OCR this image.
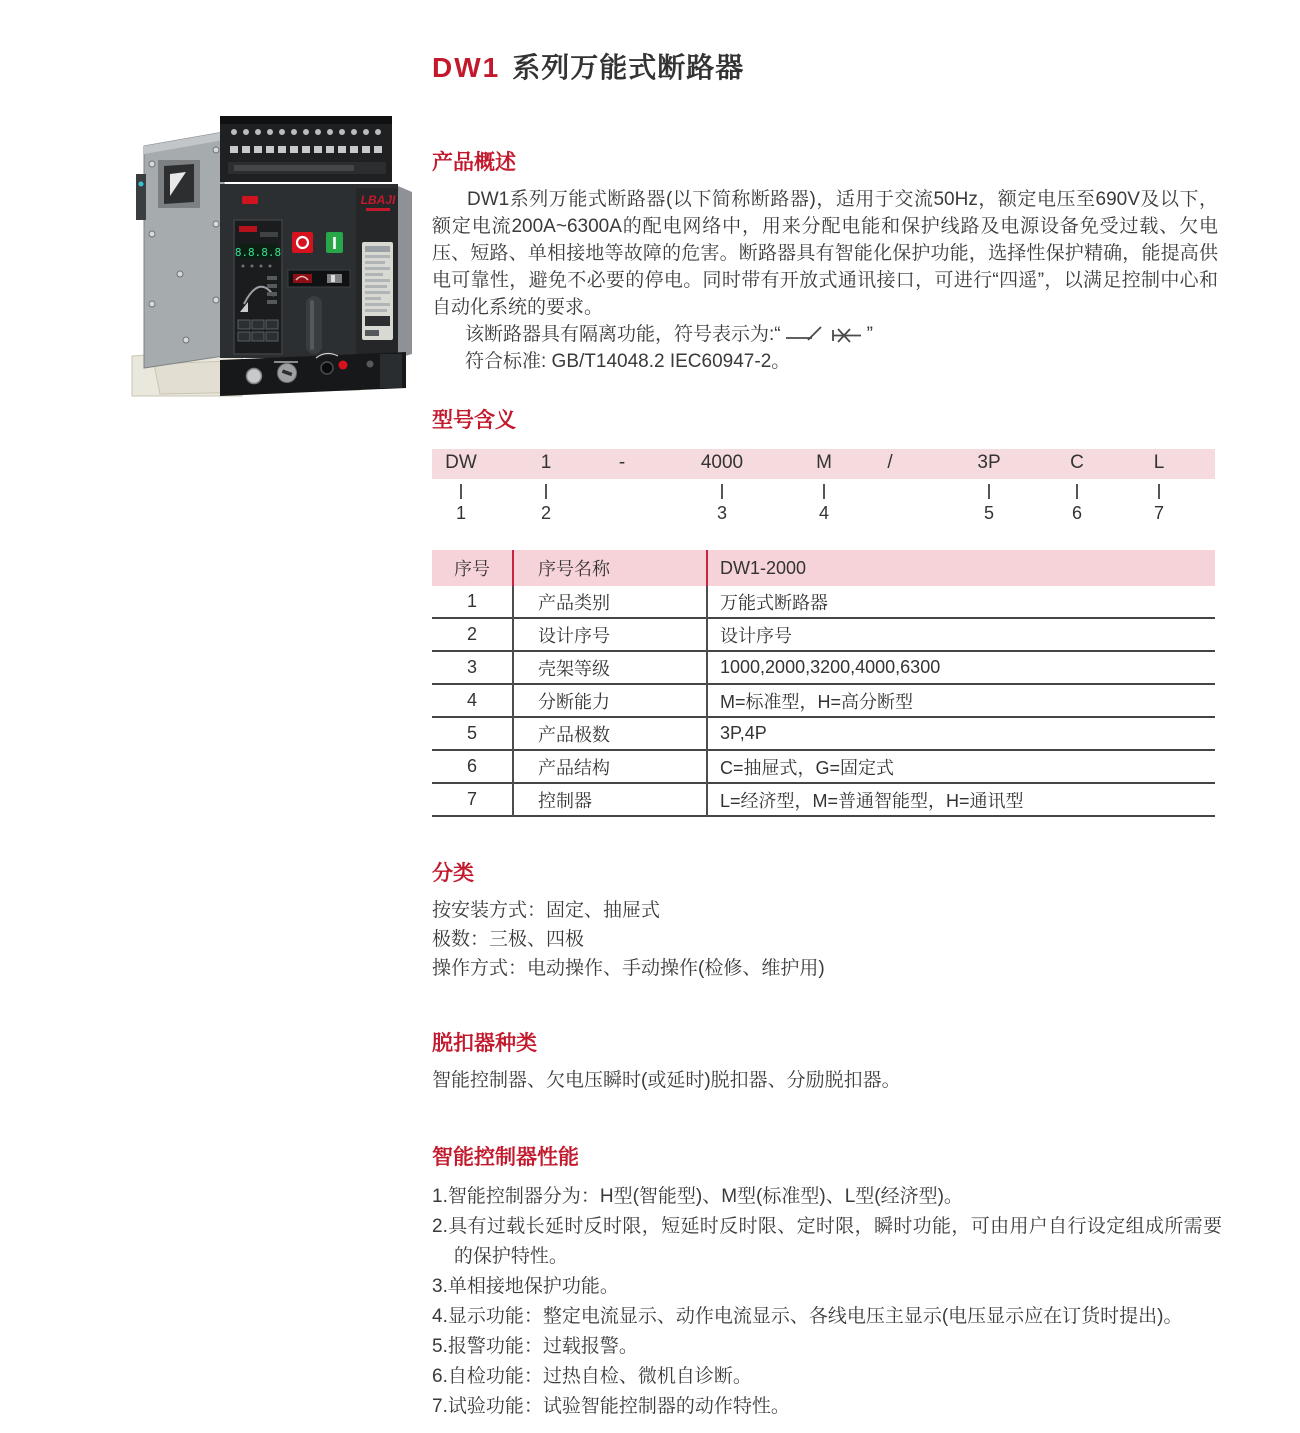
8.8.8.8
LBAJI
DW1 系列万能式断路器
产品概述

DW1系列万能式断路器(以下简称断路器)，适用于交流50Hz，额定电压至690V及以下，额定电流200A~6300A的配电网络中，用来分配电能和保护线路及电源设备免受过载、欠电压、短路、单相接地等故障的危害。断路器具有智能化保护功能，选择性保护精确，能提高供电可靠性，避免不必要的停电。同时带有开放式通讯接口，可进行“四遥”，以满足控制中心和自动化系统的要求。

该断路器具有隔离功能，符号表示为:“	”
符合标准: GB/T14048.2 IEC60947-2。
型号含义
DW	1	-	4000	M	/	3P	C	L
1	2	3	4	5	6	7
序号	序号名称	DW1-2000
1	产品类别	万能式断路器
2	设计序号	设计序号
3	壳架等级	1000,2000,3200,4000,6300
4	分断能力	M=标准型，H=高分断型
5	产品极数	3P,4P
6	产品结构	C=抽屉式，G=固定式
7	控制器	L=经济型，M=普通智能型，H=通讯型
分类
按安装方式：固定、抽屉式
极数：三极、四极
操作方式：电动操作、手动操作(检修、维护用)
脱扣器种类

智能控制器、欠电压瞬时(或延时)脱扣器、分励脱扣器。

智能控制器性能
1.智能控制器分为：H型(智能型)、M型(标准型)、L型(经济型)。
2.具有过载长延时反时限，短延时反时限、定时限，瞬时功能，可由用户自行设定组成所需要的保护特性。
3.单相接地保护功能。
4.显示功能：整定电流显示、动作电流显示、各线电压主显示(电压显示应在订货时提出)。
5.报警功能：过载报警。
6.自检功能：过热自检、微机自诊断。
7.试验功能：试验智能控制器的动作特性。
